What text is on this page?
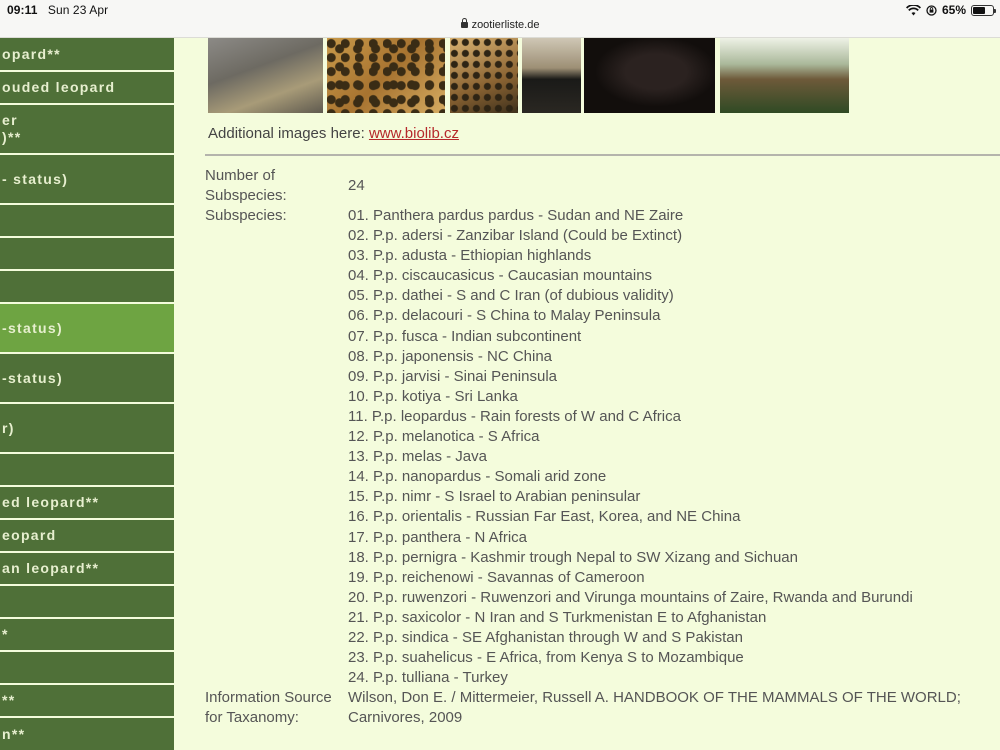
09:11 Sun 23 Apr
zootierliste.de
65%
opard**
ouded leopard
er
)**
- status)
-status)
-status)
r)
ed leopard**
eopard
an leopard**
*
**
n**
Additional images here: www.biolib.cz
Number of Subspecies:
24
Subspecies:	01. Panthera pardus pardus - Sudan and NE Zaire
02. P.p. adersi - Zanzibar Island (Could be Extinct)
03. P.p. adusta - Ethiopian highlands
04. P.p. ciscaucasicus - Caucasian mountains
05. P.p. dathei - S and C Iran (of dubious validity)
06. P.p. delacouri - S China to Malay Peninsula
07. P.p. fusca - Indian subcontinent
08. P.p. japonensis - NC China
09. P.p. jarvisi - Sinai Peninsula
10. P.p. kotiya - Sri Lanka
11. P.p. leopardus - Rain forests of W and C Africa
12. P.p. melanotica - S Africa
13. P.p. melas - Java
14. P.p. nanopardus - Somali arid zone
15. P.p. nimr - S Israel to Arabian peninsular
16. P.p. orientalis - Russian Far East, Korea, and NE China
17. P.p. panthera - N Africa
18. P.p. pernigra - Kashmir trough Nepal to SW Xizang and Sichuan
19. P.p. reichenowi - Savannas of Cameroon
20. P.p. ruwenzori - Ruwenzori and Virunga mountains of Zaire, Rwanda and Burundi
21. P.p. saxicolor - N Iran and S Turkmenistan E to Afghanistan
22. P.p. sindica - SE Afghanistan through W and S Pakistan
23. P.p. suahelicus - E Africa, from Kenya S to Mozambique
24. P.p. tulliana - Turkey
Information Source for Taxanomy:
Wilson, Don E. / Mittermeier, Russell A. HANDBOOK OF THE MAMMALS OF THE WORLD;
Carnivores, 2009
